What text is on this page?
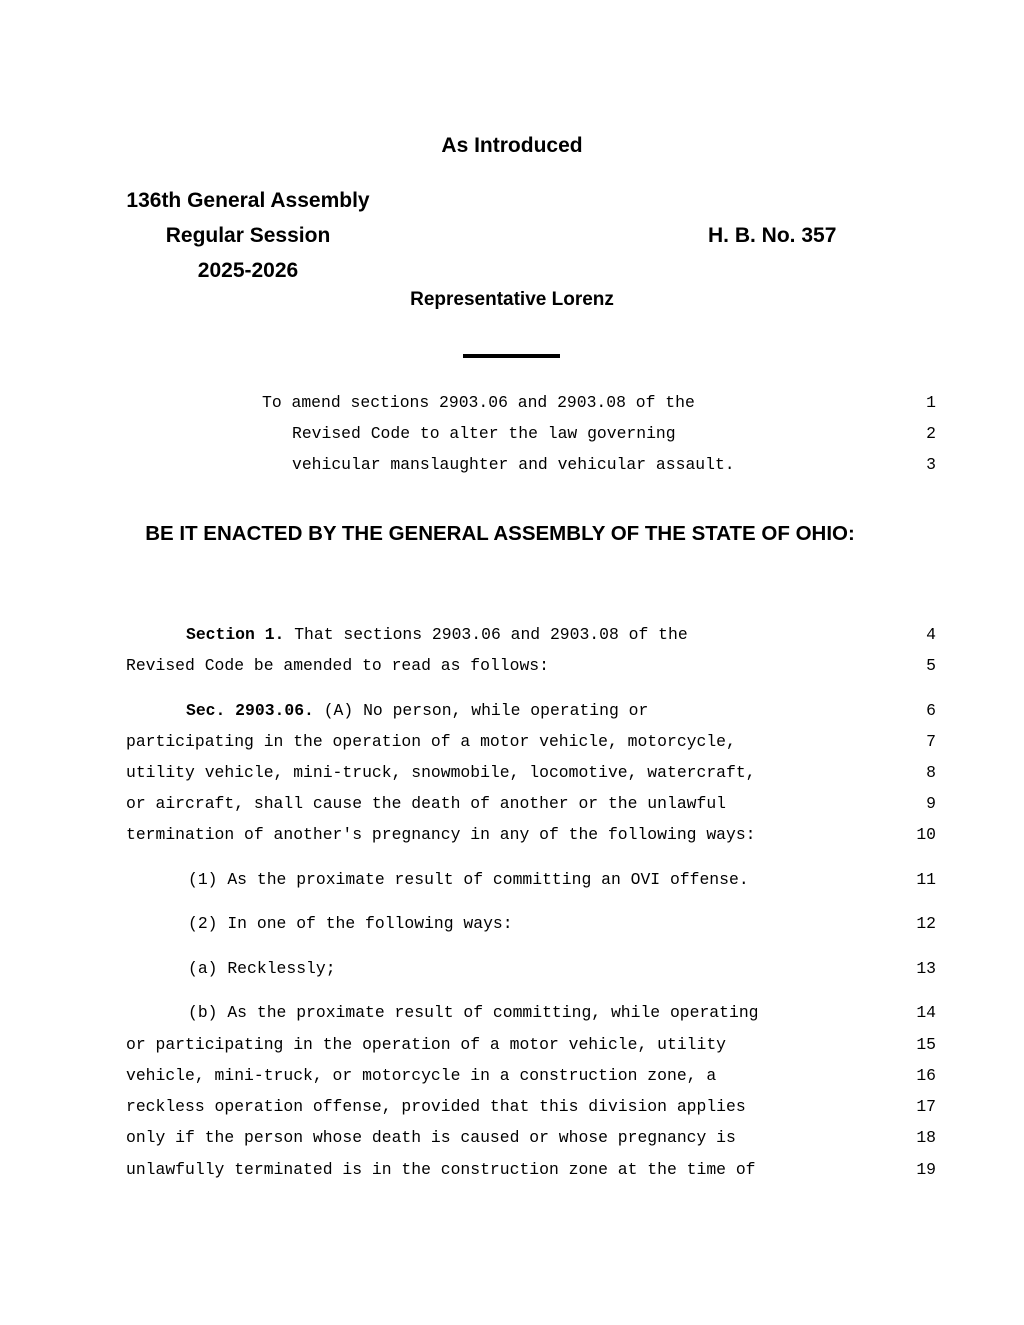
As Introduced
136th General Assembly
Regular Session
2025-2026
H. B. No. 357
Representative Lorenz
To amend sections 2903.06 and 2903.08 of the	1
Revised Code to alter the law governing	2
vehicular manslaughter and vehicular assault.	3
BE IT ENACTED BY THE GENERAL ASSEMBLY OF THE STATE OF OHIO:
Section 1. That sections 2903.06 and 2903.08 of the	4
Revised Code be amended to read as follows:	5
Sec. 2903.06. (A) No person, while operating or	6
participating in the operation of a motor vehicle, motorcycle,	7
utility vehicle, mini-truck, snowmobile, locomotive, watercraft,	8
or aircraft, shall cause the death of another or the unlawful	9
termination of another's pregnancy in any of the following ways:	10
(1) As the proximate result of committing an OVI offense.	11
(2) In one of the following ways:	12
(a) Recklessly;	13
(b) As the proximate result of committing, while operating	14
or participating in the operation of a motor vehicle, utility	15
vehicle, mini-truck, or motorcycle in a construction zone, a	16
reckless operation offense, provided that this division applies	17
only if the person whose death is caused or whose pregnancy is	18
unlawfully terminated is in the construction zone at the time of	19
